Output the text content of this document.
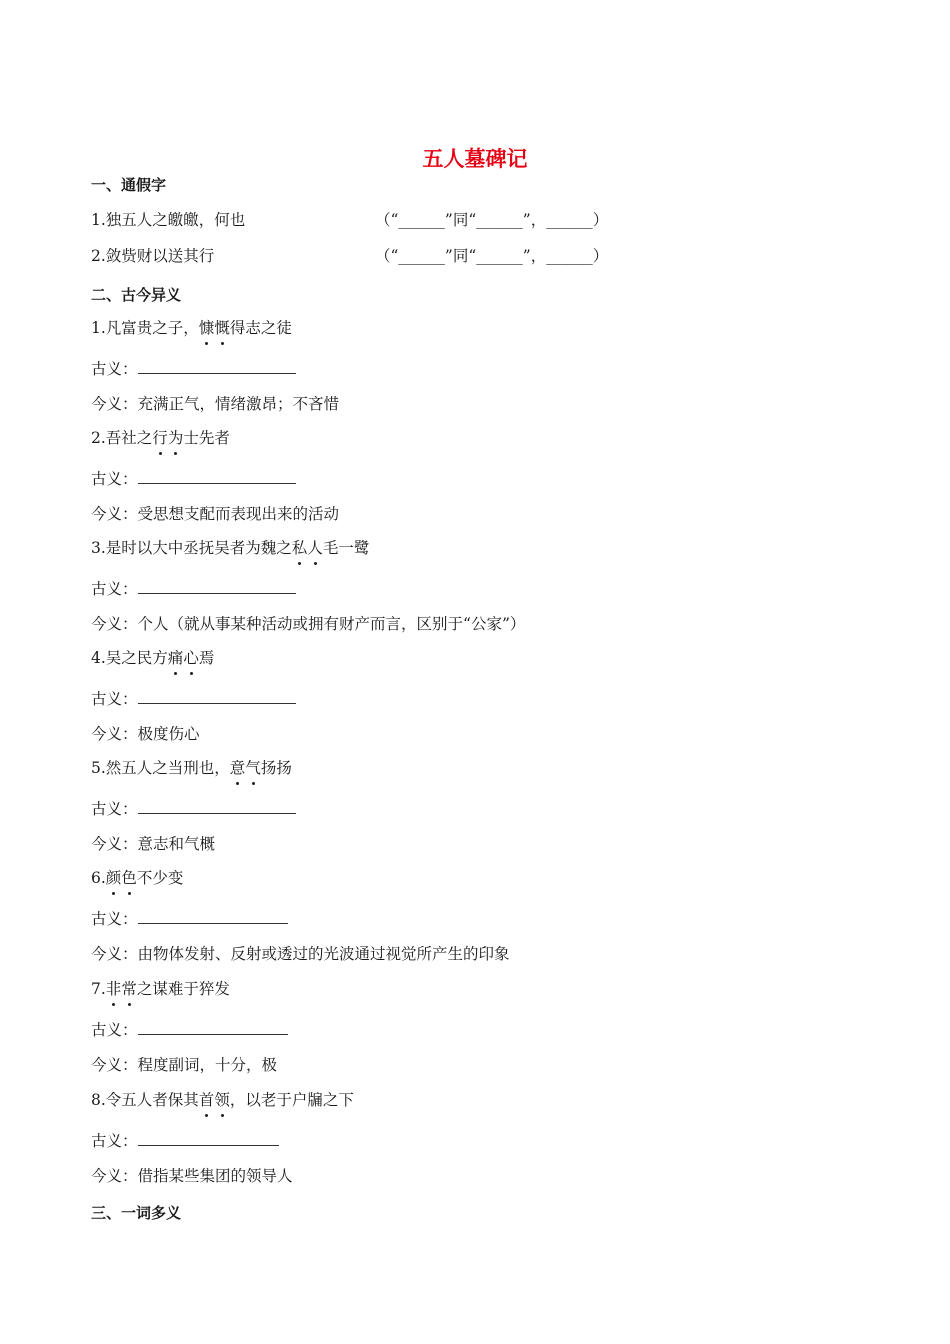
五人墓碑记
一、通假字
1.独五人之皦皦，何也	（“______”同“______”，______）
2.敛赀财以送其行	（“______”同“______”，______）
二、古今异义
1.凡富贵之子，慷慨得志之徒
古义：
今义：充满正气，情绪激昂；不吝惜
2.吾社之行为士先者
古义：
今义：受思想支配而表现出来的活动
3.是时以大中丞抚吴者为魏之私人毛一鹭
古义：
今义：个人（就从事某种活动或拥有财产而言，区别于“公家”）
4.吴之民方痛心焉
古义：
今义：极度伤心
5.然五人之当刑也，意气扬扬
古义：
今义：意志和气概
6.颜色不少变
古义：
今义：由物体发射、反射或透过的光波通过视觉所产生的印象
7.非常之谋难于猝发
古义：
今义：程度副词，十分，极
8.令五人者保其首领，以老于户牖之下
古义：
今义：借指某些集团的领导人
三、一词多义
